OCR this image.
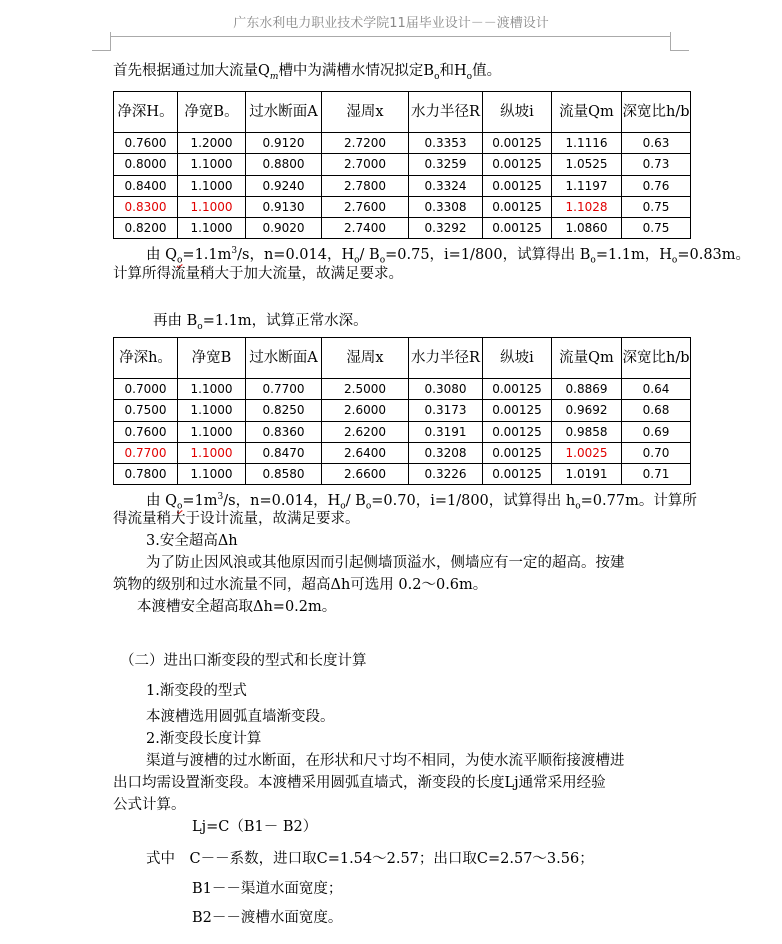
广东水利电力职业技术学院11届毕业设计－－渡槽设计
首先根据通过加大流量$Q_m$槽中为满槽水情况拟定$B_o$和$H_o$值。
净深H。	净宽B。	过水断面A	湿周x	水力半径R	纵坡i	流量Qm	深宽比h/b
0.7600	1.2000	0.9120	2.7200	0.3353	0.00125	1.1116	0.63
0.8000	1.1000	0.8800	2.7000	0.3259	0.00125	1.0525	0.73
0.8400	1.1000	0.9240	2.7800	0.3324	0.00125	1.1197	0.76
0.8300	1.1000	0.9130	2.7600	0.3308	0.00125	1.1028	0.75
0.8200	1.1000	0.9020	2.7400	0.3292	0.00125	1.0860	0.75
由 $Q_o=1.1m^3/s$，n=0.014，$H_o/$ $B_o=0.75$，i=1/800，试算得出 $B_o=1.1m$，$H_o=0.83m$。
计算所得流量稍大于加大流量，故满足要求。
再由 $B_o=1.1m$，试算正常水深。
净深h。	净宽B	过水断面A	湿周x	水力半径R	纵坡i	流量Qm	深宽比h/b
0.7000	1.1000	0.7700	2.5000	0.3080	0.00125	0.8869	0.64
0.7500	1.1000	0.8250	2.6000	0.3173	0.00125	0.9692	0.68
0.7600	1.1000	0.8360	2.6200	0.3191	0.00125	0.9858	0.69
0.7700	1.1000	0.8470	2.6400	0.3208	0.00125	1.0025	0.70
0.7800	1.1000	0.8580	2.6600	0.3226	0.00125	1.0191	0.71
由 $Q_o=1m^3/s$，n=0.014，$H_o/$ $B_o=0.70$，i=1/800，试算得出 $h_o=0.77m$。计算所
得流量稍大于设计流量，故满足要求。
3.安全超高Δh
为了防止因风浪或其他原因而引起侧墙顶溢水，侧墙应有一定的超高。按建
筑物的级别和过水流量不同，超高Δh可选用 0.2～0.6m。
本渡槽安全超高取Δh=0.2m。
（二）进出口渐变段的型式和长度计算
1.渐变段的型式
本渡槽选用圆弧直墙渐变段。
2.渐变段长度计算
渠道与渡槽的过水断面，在形状和尺寸均不相同，为使水流平顺衔接渡槽进
出口均需设置渐变段。本渡槽采用圆弧直墙式，渐变段的长度Lj通常采用经验
公式计算。
Lj=C（B1－ B2）
式中　C－－系数，进口取C=1.54～2.57；出口取C=2.57～3.56；
B1－－渠道水面宽度；
B2－－渡槽水面宽度。
